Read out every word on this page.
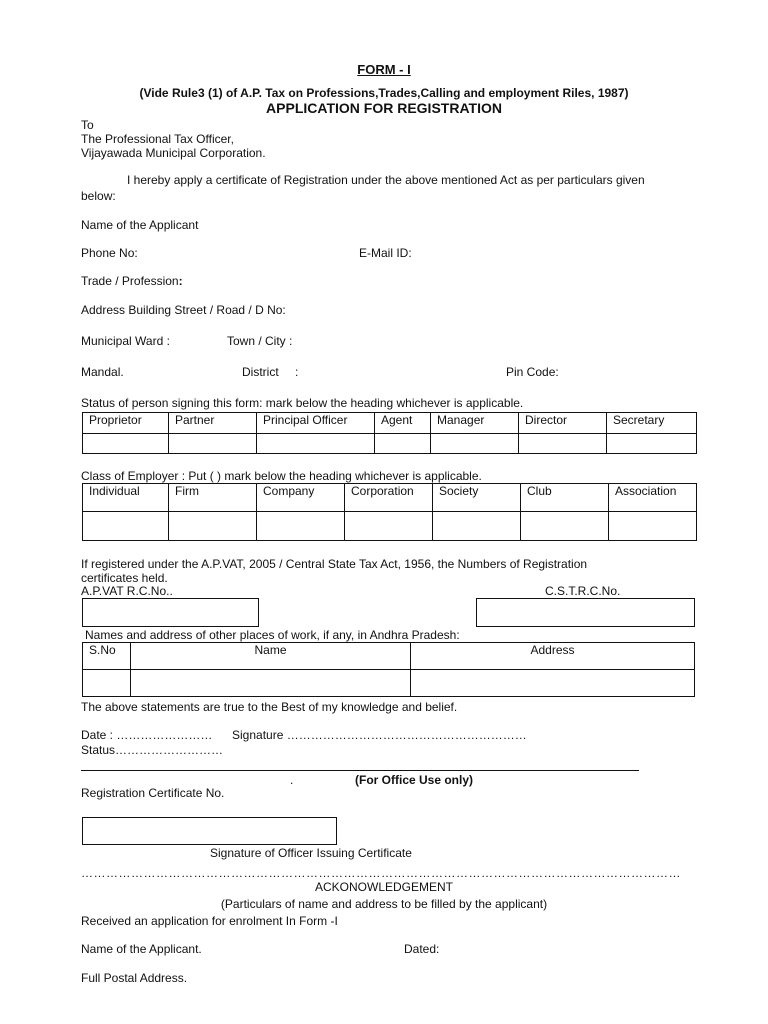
FORM - I
(Vide Rule3 (1) of A.P. Tax on Professions,Trades,Calling and employment Riles, 1987)
APPLICATION FOR REGISTRATION
To
The Professional Tax Officer,
Vijayawada Municipal Corporation.
I hereby apply a certificate of Registration under the above mentioned Act as per particulars given
below:
Name of the Applicant
Phone No:	E-Mail ID:
Trade / Profession:
Address Building Street / Road / D No:
Municipal Ward :	Town / City :
Mandal.	District :	Pin Code:
Status of person signing this form: mark below the heading whichever is applicable.
Proprietor	Partner	Principal Officer	Agent	Manager	Director	Secretary

Class of Employer : Put ( ) mark below the heading whichever is applicable.
Individual	Firm	Company	Corporation	Society	Club	Association

If registered under the A.P.VAT, 2005 / Central State Tax Act, 1956, the Numbers of Registration
certificates held.
A.P.VAT R.C.No..	C.S.T.R.C.No.
Names and address of other places of work, if any, in Andhra Pradesh:
S.No	Name	Address

The above statements are true to the Best of my knowledge and belief.
Date : …………………… Signature ……………………………………………………
Status………………………
.	(For Office Use only)
Registration Certificate No.
Signature of Officer Issuing Certificate
………………………………………………………………………………………………………………………………
ACKONOWLEDGEMENT
(Particulars of name and address to be filled by the applicant)
Received an application for enrolment In Form -I
Name of the Applicant.	Dated:
Full Postal Address.
